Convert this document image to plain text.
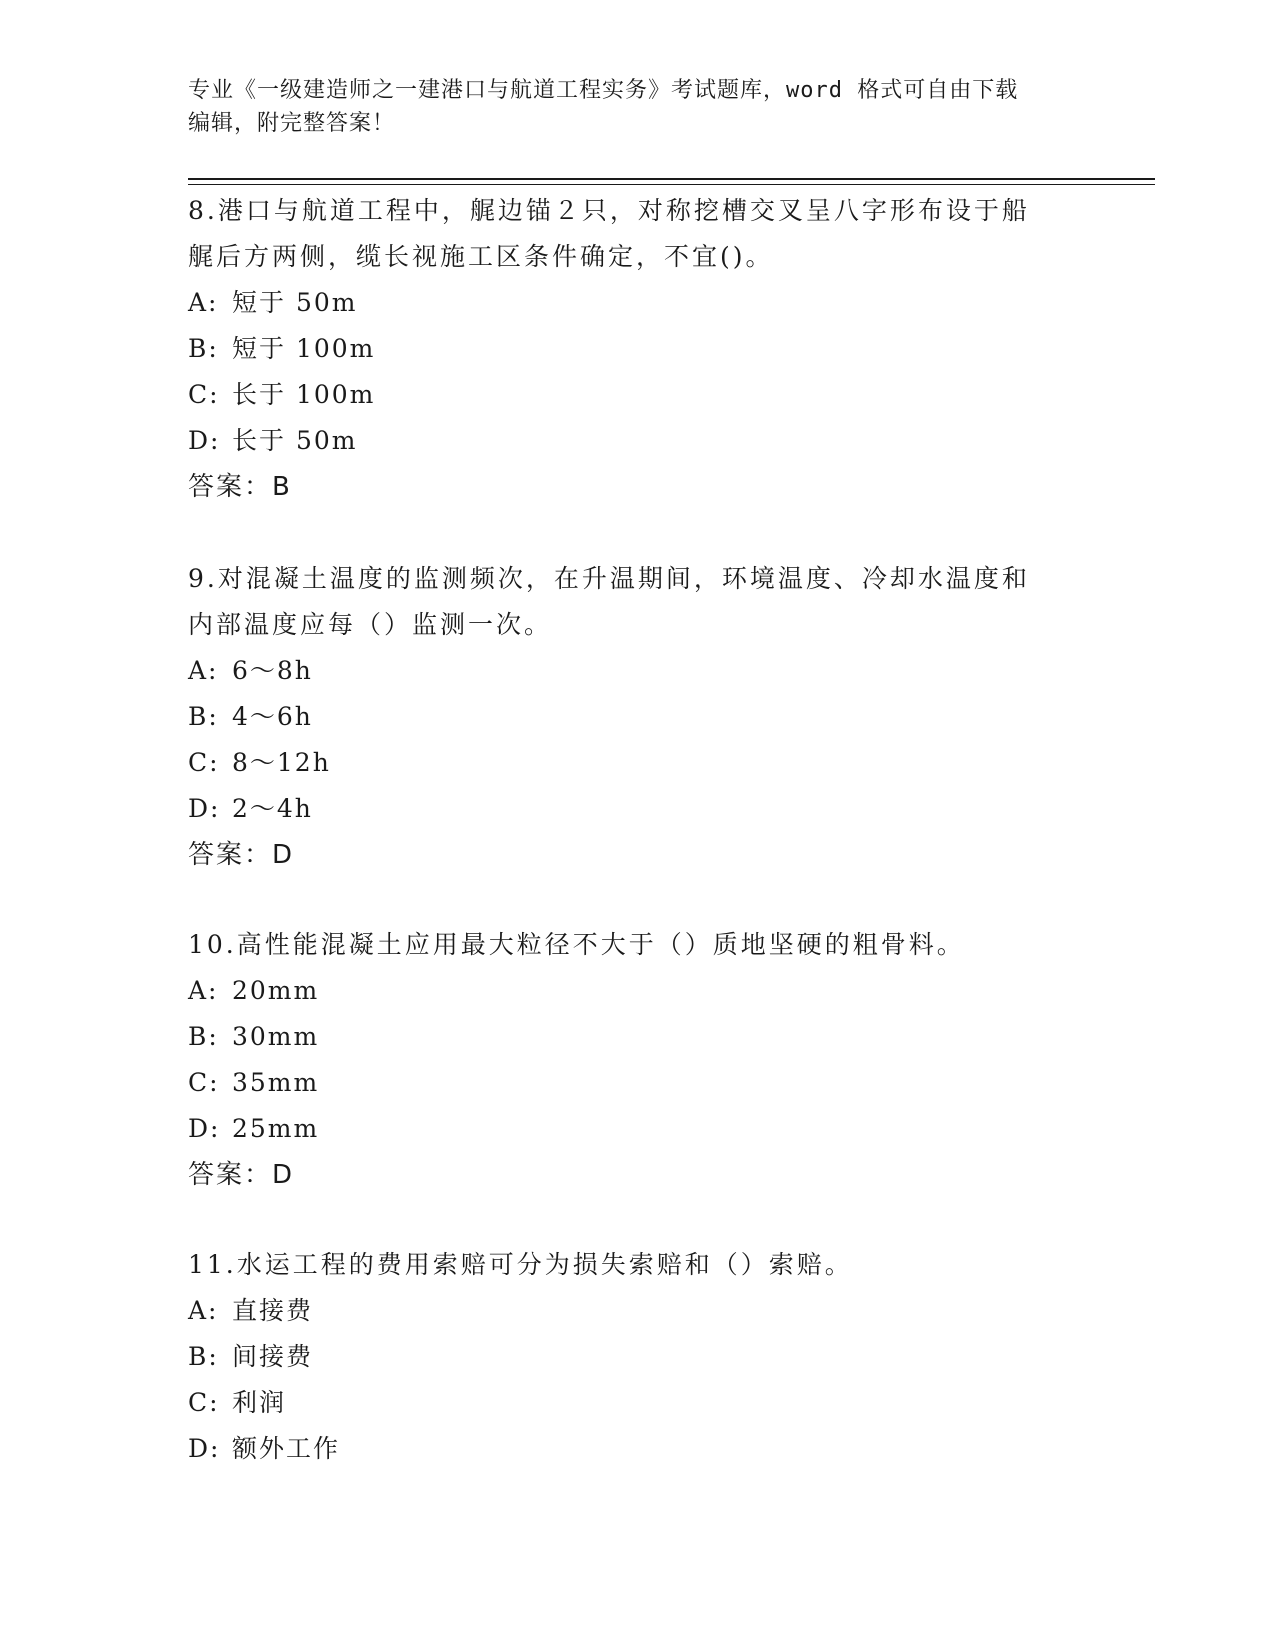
专业《一级建造师之一建港口与航道工程实务》考试题库，word 格式可自由下载
编辑，附完整答案！
8.港口与航道工程中，艉边锚２只，对称挖槽交叉呈八字形布设于船
艉后方两侧，缆长视施工区条件确定，不宜()。
A: 短于 50m
B: 短于 100m
C: 长于 100m
D: 长于 50m
答案：B
9.对混凝土温度的监测频次，在升温期间，环境温度、冷却水温度和
内部温度应每（）监测一次。
A: 6～8h
B: 4～6h
C: 8～12h
D: 2～4h
答案：D
10.高性能混凝土应用最大粒径不大于（）质地坚硬的粗骨料。
A: 20mm
B: 30mm
C: 35mm
D: 25mm
答案：D
11.水运工程的费用索赔可分为损失索赔和（）索赔。
A: 直接费
B: 间接费
C: 利润
D: 额外工作
